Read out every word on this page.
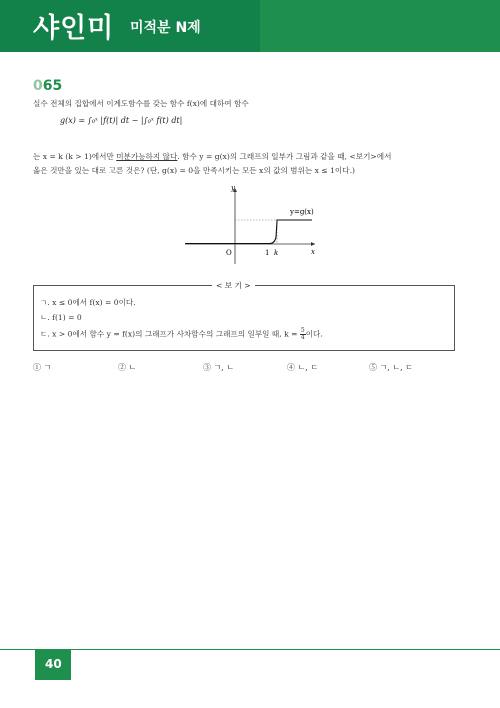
샤인미 미적분 N제
065
실수 전체의 집합에서 이계도함수를 갖는 함수 f(x)에 대하여 함수
g(x) = ∫₀ˣ |f(t)| dt − |∫₀ˣ f(t) dt|
는 x = k (k > 1)에서만 미분가능하지 않다. 함수 y = g(x)의 그래프의 일부가 그림과 같을 때, <보기>에서
옳은 것만을 있는 대로 고른 것은? (단, g(x) = 0을 만족시키는 모든 x의 값의 범위는 x ≤ 1이다.)
y
x
O	1 k
y=g(x)
< 보 기 >
ㄱ. x ≤ 0에서 f(x) = 0이다.
ㄴ. f(1) = 0
ㄷ. x > 0에서 함수 y = f(x)의 그래프가 사차함수의 그래프의 일부일 때, $k = \frac{5}{4}$ 이다.
① ㄱ	② ㄴ	③ ㄱ, ㄴ	④ ㄴ, ㄷ	⑤ ㄱ, ㄴ, ㄷ
40
